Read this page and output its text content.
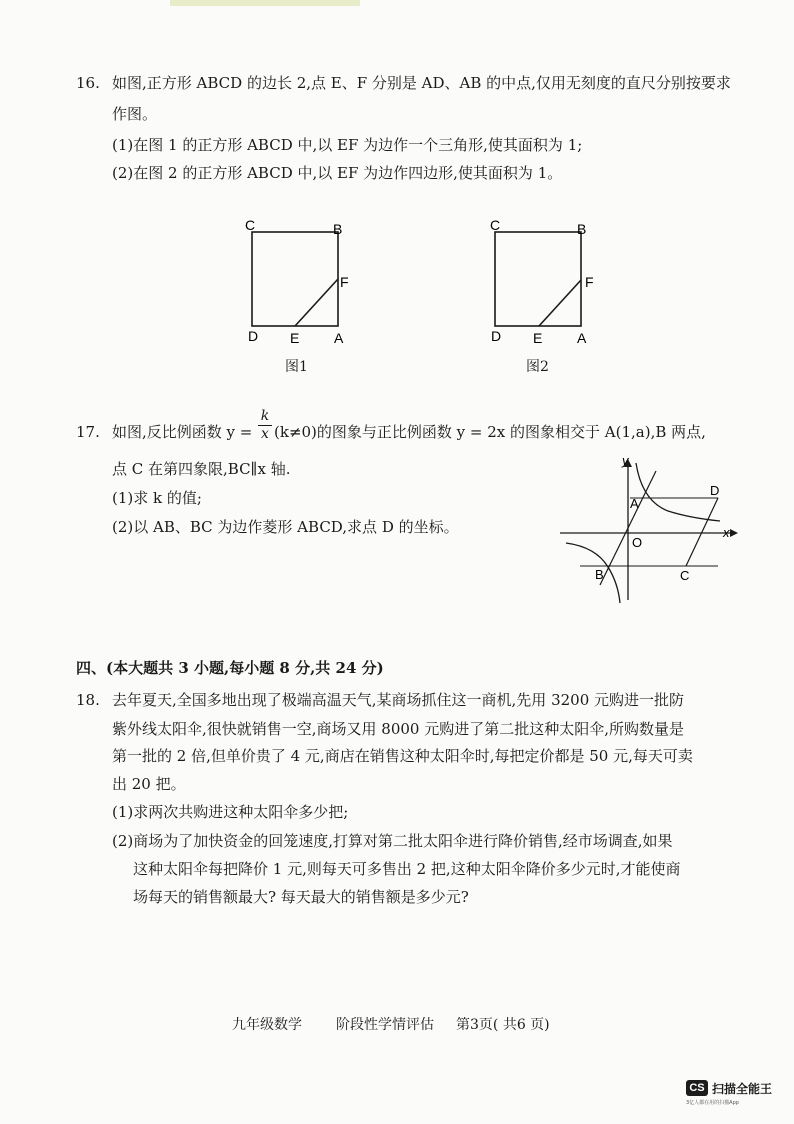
16. 如图,正方形 ABCD 的边长 2,点 E、F 分别是 AD、AB 的中点,仅用无刻度的直尺分别按要求
作图。
(1)在图 1 的正方形 ABCD 中,以 EF 为边作一个三角形,使其面积为 1;
(2)在图 2 的正方形 ABCD 中,以 EF 为边作四边形,使其面积为 1。
C	B
F
D E A
图1
C	B
F
D E A
图2
17. 如图,反比例函数 $y = \frac{k}{x} (k\ne 0)$的图象与正比例函数 y = 2x 的图象相交于 A(1,a),B 两点,
点 C 在第四象限,BC∥x 轴.
(1)求 k 的值;
(2)以 AB、BC 为边作菱形 ABCD,求点 D 的坐标。
y
x
A
D
O
B	C
四、(本大题共 3 小题,每小题 8 分,共 24 分)
18. 去年夏天,全国多地出现了极端高温天气,某商场抓住这一商机,先用 3200 元购进一批防
紫外线太阳伞,很快就销售一空,商场又用 8000 元购进了第二批这种太阳伞,所购数量是
第一批的 2 倍,但单价贵了 4 元,商店在销售这种太阳伞时,每把定价都是 50 元,每天可卖
出 20 把。
(1)求两次共购进这种太阳伞多少把;
(2)商场为了加快资金的回笼速度,打算对第二批太阳伞进行降价销售,经市场调查,如果
这种太阳伞每把降价 1 元,则每天可多售出 2 把,这种太阳伞降价多少元时,才能使商
场每天的销售额最大? 每天最大的销售额是多少元?
九年级数学 阶段性学情评估 第3页( 共6 页)
CS 扫描全能王
3亿人都在用的扫描App
